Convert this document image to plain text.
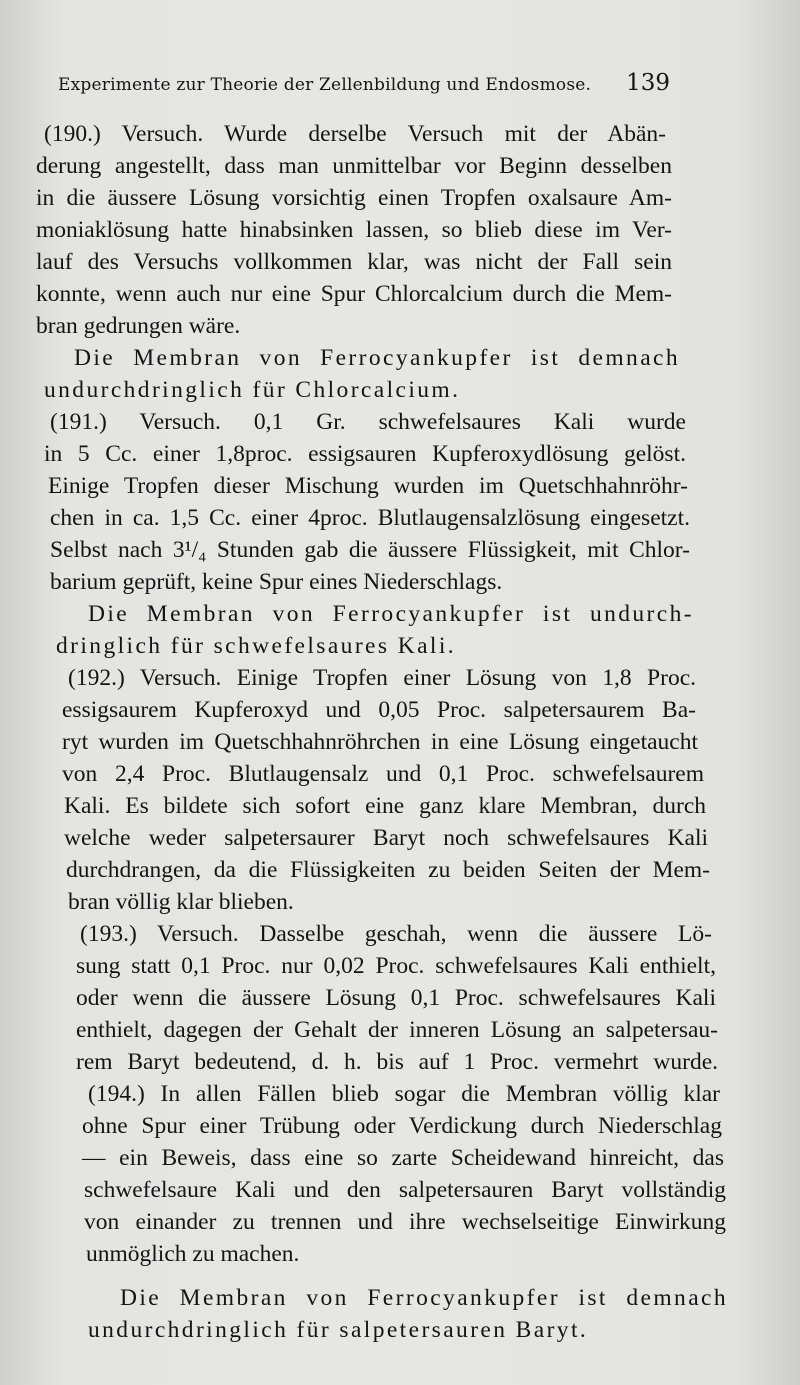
Experimente zur Theorie der Zellenbildung und Endosmose. 139
(190.) Versuch. Wurde derselbe Versuch mit der Abän-
derung angestellt, dass man unmittelbar vor Beginn desselben
in die äussere Lösung vorsichtig einen Tropfen oxalsaure Am-
moniaklösung hatte hinabsinken lassen, so blieb diese im Ver-
lauf des Versuchs vollkommen klar, was nicht der Fall sein
konnte, wenn auch nur eine Spur Chlorcalcium durch die Mem-
bran gedrungen wäre.
Die Membran von Ferrocyankupfer ist demnach
undurchdringlich für Chlorcalcium.
(191.) Versuch. 0,1 Gr. schwefelsaures Kali wurde
in 5 Cc. einer 1,8proc. essigsauren Kupferoxydlösung gelöst.
Einige Tropfen dieser Mischung wurden im Quetschhahnröhr-
chen in ca. 1,5 Cc. einer 4proc. Blutlaugensalzlösung eingesetzt.
Selbst nach 3¹/₄ Stunden gab die äussere Flüssigkeit, mit Chlor-
barium geprüft, keine Spur eines Niederschlags.
Die Membran von Ferrocyankupfer ist undurch-
dringlich für schwefelsaures Kali.
(192.) Versuch. Einige Tropfen einer Lösung von 1,8 Proc.
essigsaurem Kupferoxyd und 0,05 Proc. salpetersaurem Ba-
ryt wurden im Quetschhahnröhrchen in eine Lösung eingetaucht
von 2,4 Proc. Blutlaugensalz und 0,1 Proc. schwefelsaurem
Kali. Es bildete sich sofort eine ganz klare Membran, durch
welche weder salpetersaurer Baryt noch schwefelsaures Kali
durchdrangen, da die Flüssigkeiten zu beiden Seiten der Mem-
bran völlig klar blieben.
(193.) Versuch. Dasselbe geschah, wenn die äussere Lö-
sung statt 0,1 Proc. nur 0,02 Proc. schwefelsaures Kali enthielt,
oder wenn die äussere Lösung 0,1 Proc. schwefelsaures Kali
enthielt, dagegen der Gehalt der inneren Lösung an salpetersau-
rem Baryt bedeutend, d. h. bis auf 1 Proc. vermehrt wurde.
(194.) In allen Fällen blieb sogar die Membran völlig klar
ohne Spur einer Trübung oder Verdickung durch Niederschlag
— ein Beweis, dass eine so zarte Scheidewand hinreicht, das
schwefelsaure Kali und den salpetersauren Baryt vollständig
von einander zu trennen und ihre wechselseitige Einwirkung
unmöglich zu machen.
Die Membran von Ferrocyankupfer ist demnach
undurchdringlich für salpetersauren Baryt.
